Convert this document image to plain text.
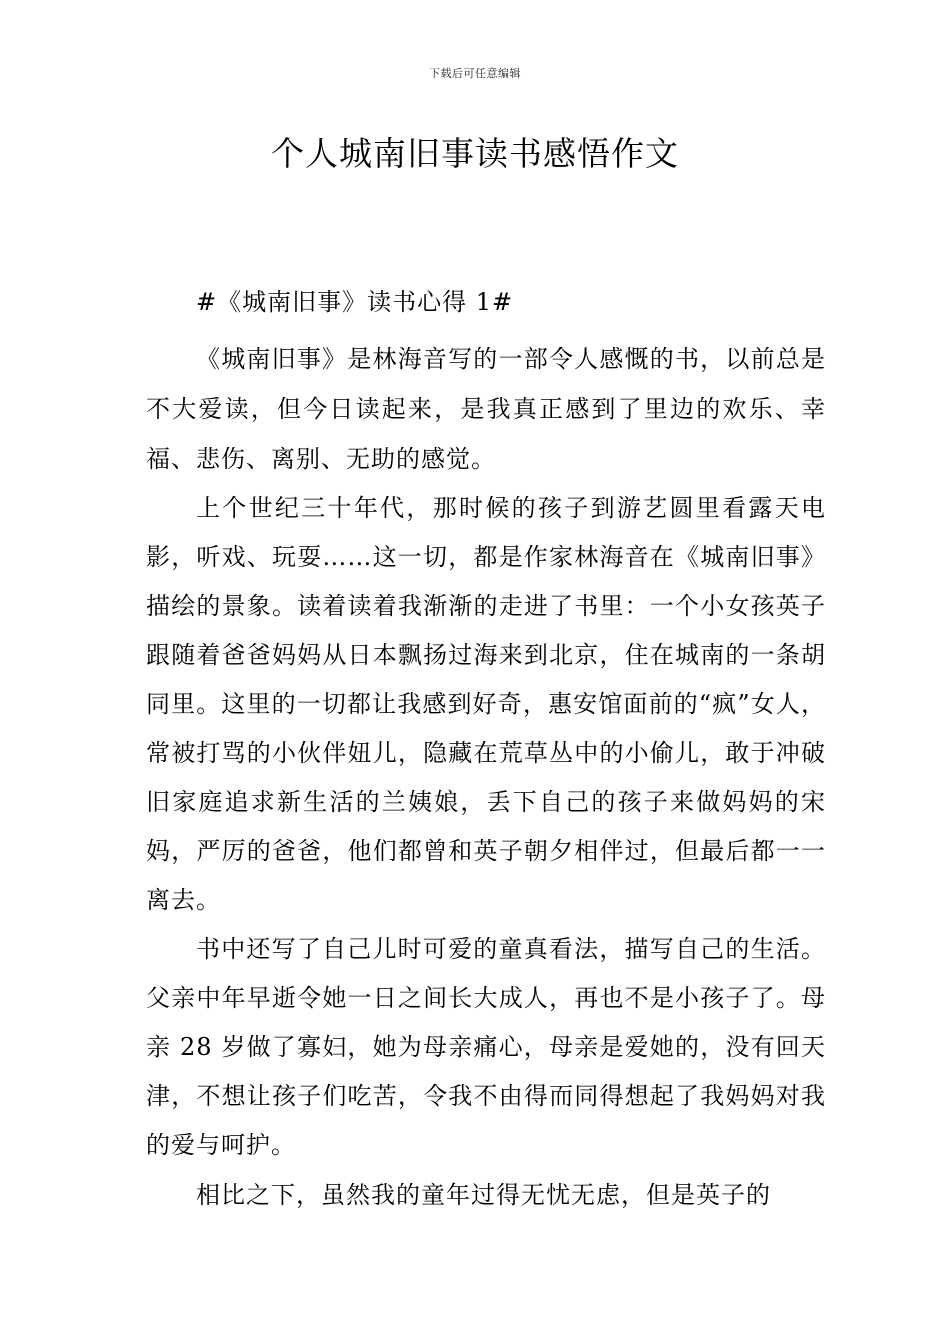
下载后可任意编辑
个人城南旧事读书感悟作文

#《城南旧事》读书心得 1#

《城南旧事》是林海音写的一部令人感慨的书，以前总是不大爱读，但今日读起来，是我真正感到了里边的欢乐、幸福、悲伤、离别、无助的感觉。

上个世纪三十年代，那时候的孩子到游艺圆里看露天电影，听戏、玩耍……这一切，都是作家林海音在《城南旧事》描绘的景象。读着读着我渐渐的走进了书里：一个小女孩英子跟随着爸爸妈妈从日本飘扬过海来到北京，住在城南的一条胡同里。这里的一切都让我感到好奇，惠安馆面前的“疯”女人，常被打骂的小伙伴妞儿，隐藏在荒草丛中的小偷儿，敢于冲破旧家庭追求新生活的兰姨娘，丢下自己的孩子来做妈妈的宋妈，严厉的爸爸，他们都曾和英子朝夕相伴过，但最后都一一离去。

书中还写了自己儿时可爱的童真看法，描写自己的生活。父亲中年早逝令她一日之间长大成人，再也不是小孩子了。母亲 28 岁做了寡妇，她为母亲痛心，母亲是爱她的，没有回天津，不想让孩子们吃苦，令我不由得而同得想起了我妈妈对我的爱与呵护。

相比之下，虽然我的童年过得无忧无虑，但是英子的
